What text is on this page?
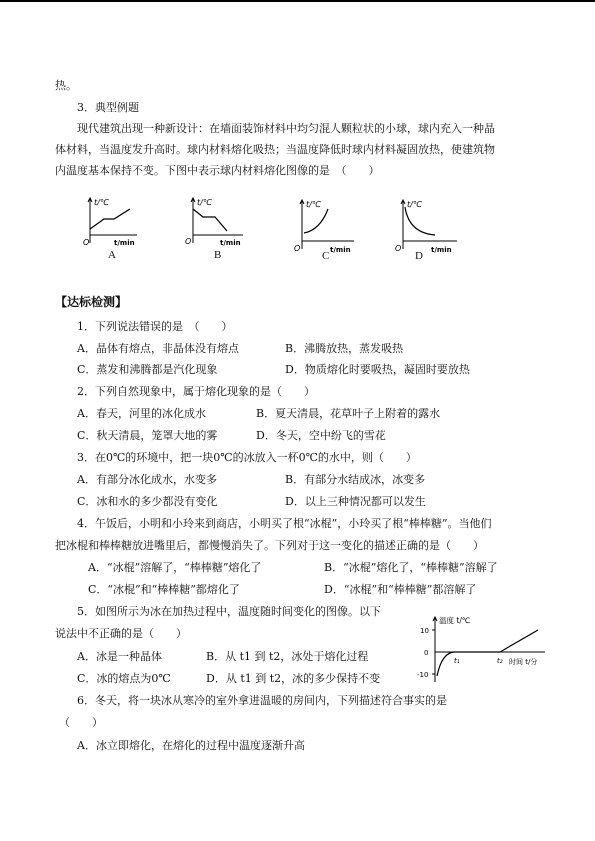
热。
3．典型例题
现代建筑出现一种新设计：在墙面装饰材料中均匀混人颗粒状的小球，球内充入一种晶
体材料，当温度发升高时。球内材料熔化吸热；当温度降低时球内材料凝固放热，使建筑物
内温度基本保持不变。下图中表示球内材料熔化图像的是　（　　）
t/℃
O	t/min
A
t/℃
O	t/min
B
t/℃
O	t/min
C
t/℃
O	t/min
D
【达标检测】
1．下列说法错误的是　（　　）
A．晶体有熔点，非晶体没有熔点	B．沸腾放热，蒸发吸热
C．蒸发和沸腾都是汽化现象	D．物质熔化时要吸热，凝固时要放热
2．下列自然现象中，属于熔化现象的是（　　）
A．春天，河里的冰化成水	B．夏天清晨，花草叶子上附着的露水
C．秋天清晨，笼罩大地的雾	D．冬天，空中纷飞的雪花
3．在0℃的环境中，把一块0℃的冰放入一杯0℃的水中，则（　　）
A．有部分冰化成水，水变多	B．有部分水结成冰，冰变多
C．冰和水的多少都没有变化	D．以上三种情况都可以发生
4．午饭后，小明和小玲来到商店，小明买了根“冰棍”，小玲买了根“棒棒糖”。当他们
把冰棍和棒棒糖放进嘴里后，都慢慢消失了。下列对于这一变化的描述正确的是（　　）
A．“冰棍”溶解了，“棒棒糖”熔化了	B．“冰棍”熔化了，“棒棒糖”溶解了
C．“冰棍”和“棒棒糖”都熔化了	D．“冰棍”和“棒棒糖”都溶解了
5．如图所示为冰在加热过程中，温度随时间变化的图像。以下
说法中不正确的是（　　）
A．冰是一种晶体	B．从 t1 到 t2，冰处于熔化过程
C．冰的熔点为0℃	D．从 t1 到 t2，冰的多少保持不变
温度 t/℃
时间 t/分
10
0
-10
t₁	t₂
6．冬天，将一块冰从寒冷的室外拿进温暖的房间内，下列描述符合事实的是
（　　）
A．冰立即熔化，在熔化的过程中温度逐渐升高
